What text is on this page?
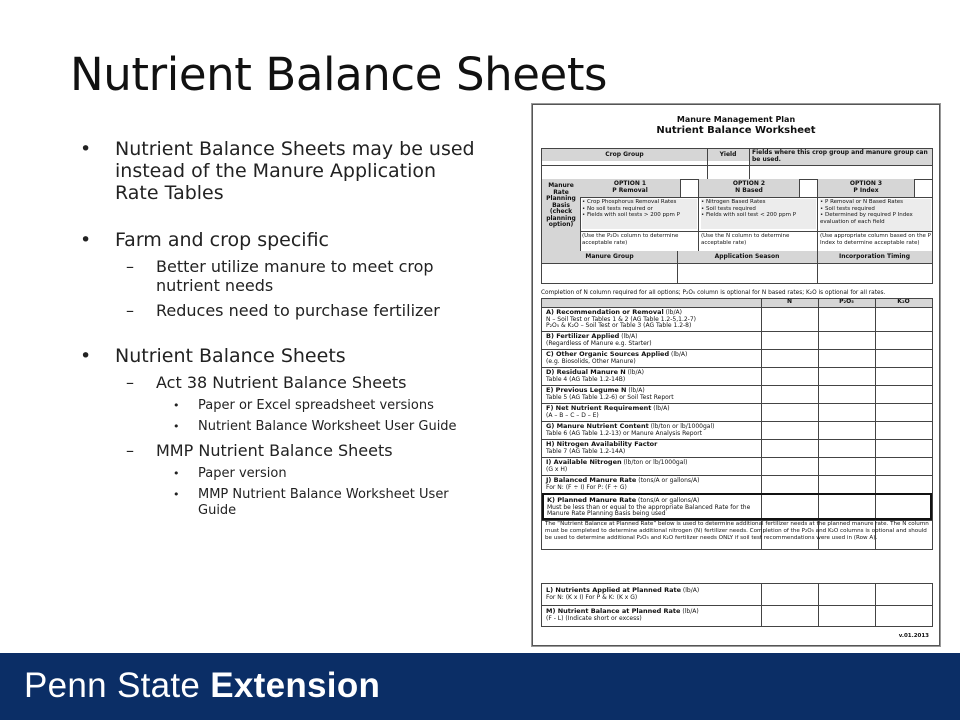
Nutrient Balance Sheets
• Nutrient Balance Sheets may be used instead of the Manure Application Rate Tables
• Farm and crop specific
– Better utilize manure to meet crop nutrient needs
– Reduces need to purchase fertilizer
• Nutrient Balance Sheets
– Act 38 Nutrient Balance Sheets
• Paper or Excel spreadsheet versions
• Nutrient Balance Worksheet User Guide
– MMP Nutrient Balance Sheets
• Paper version
• MMP Nutrient Balance Worksheet User Guide
Manure Management Plan
Nutrient Balance Worksheet
Crop Group	Yield	Fields where this crop group and manure group can be used.
Manure Rate Planning Basis (check planning option)
OPTION 1
P Removal
• Crop Phosphorus Removal Rates
• No soil tests required or
• Fields with soil tests > 200 ppm P
(Use the P₂O₅ column to determine acceptable rate)
OPTION 2
N Based
• Nitrogen Based Rates
• Soil tests required
• Fields with soil test < 200 ppm P
(Use the N column to determine acceptable rate)
OPTION 3
P Index
• P Removal or N Based Rates
• Soil tests required
• Determined by required P Index evaluation of each field
(Use appropriate column based on the P Index to determine acceptable rate)
Manure Group	Application Season	Incorporation Timing
Completion of N column required for all options; P₂O₅ column is optional for N based rates; K₂O is optional for all rates.
N	P₂O₅	K₂O
A) Recommendation or Removal (lb/A)
N – Soil Test or Tables 1 & 2 (AG Table 1.2-5,1.2-7)
P₂O₅ & K₂O – Soil Test or Table 3 (AG Table 1.2-8)
B) Fertilizer Applied (lb/A)
(Regardless of Manure e.g. Starter)
C) Other Organic Sources Applied (lb/A)
(e.g. Biosolids, Other Manure)
D) Residual Manure N (lb/A)
Table 4 (AG Table 1.2-14B)
E) Previous Legume N (lb/A)
Table 5 (AG Table 1.2-6) or Soil Test Report
F) Net Nutrient Requirement (lb/A)
(A – B – C – D – E)
G) Manure Nutrient Content (lb/ton or lb/1000gal)
Table 6 (AG Table 1.2-13) or Manure Analysis Report
H) Nitrogen Availability Factor
Table 7 (AG Table 1.2-14A)
I) Available Nitrogen (lb/ton or lb/1000gal)
(G x H)
J) Balanced Manure Rate (tons/A or gallons/A)
For N: (F ÷ I) For P: (F ÷ G)
K) Planned Manure Rate (tons/A or gallons/A)
Must be less than or equal to the appropriate Balanced Rate for the Manure Rate Planning Basis being used
The “Nutrient Balance at Planned Rate” below is used to determine additional fertilizer needs at the planned manure rate. The N column must be completed to determine additional nitrogen (N) fertilizer needs. Completion of the P₂O₅ and K₂O columns is optional and should be used to determine additional P₂O₅ and K₂O fertilizer needs ONLY if soil test recommendations were used in (Row A).
L) Nutrients Applied at Planned Rate (lb/A)
For N: (K x I) For P & K: (K x G)
M) Nutrient Balance at Planned Rate (lb/A)
(F - L) (Indicate short or excess)
v.01.2013
Penn State Extension
